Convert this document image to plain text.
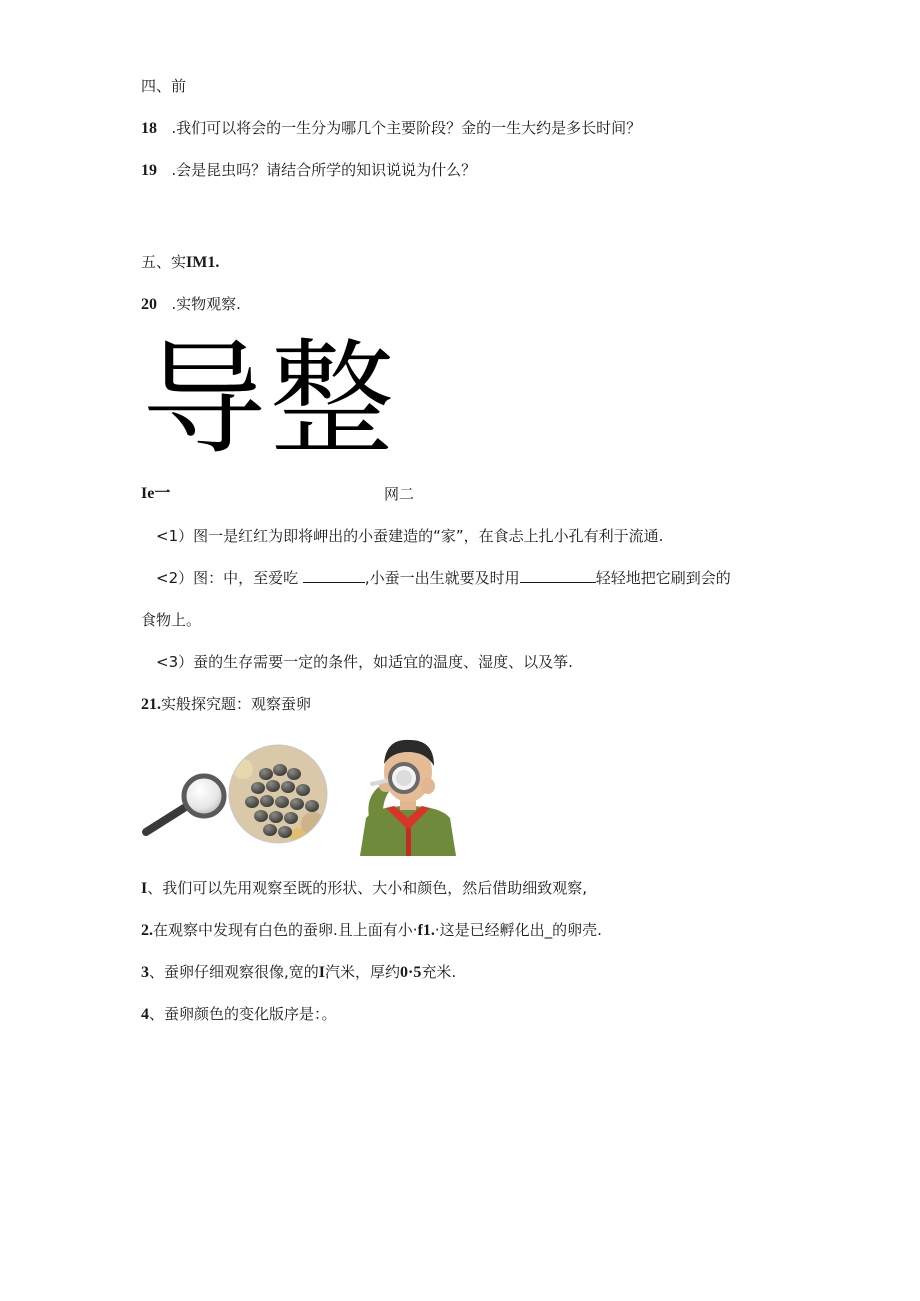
四、前
18 .我们可以将会的一生分为哪几个主要阶段？金的一生大约是多长时间？
19 .会是昆虫吗？请结合所学的知识说说为什么？
五、实IM1.
20 .实物观察.
导整
Ie一	网二
<1）图一是红红为即将岬出的小蚕建造的“家”，在食忐上扎小孔有利于流通.
<2）图：中，至爱吃	,小蚕一出生就要及时用	轻轻地把它刷到会的
食物上。
<3）蚕的生存需要一定的条件，如适宜的温度、湿度、以及筝.
21.实般探究题：观察蚕卵
I、我们可以先用观察至既的形状、大小和颜色，然后借助细致观察,
2.在观察中发现有白色的蚕卵.且上面有小·f1.·这是已经孵化出_的卵壳.
3、蚕卵仔细观察很像,宽的I汽米，厚约0·5充米.
4、蚕卵颜色的变化版序是：。
